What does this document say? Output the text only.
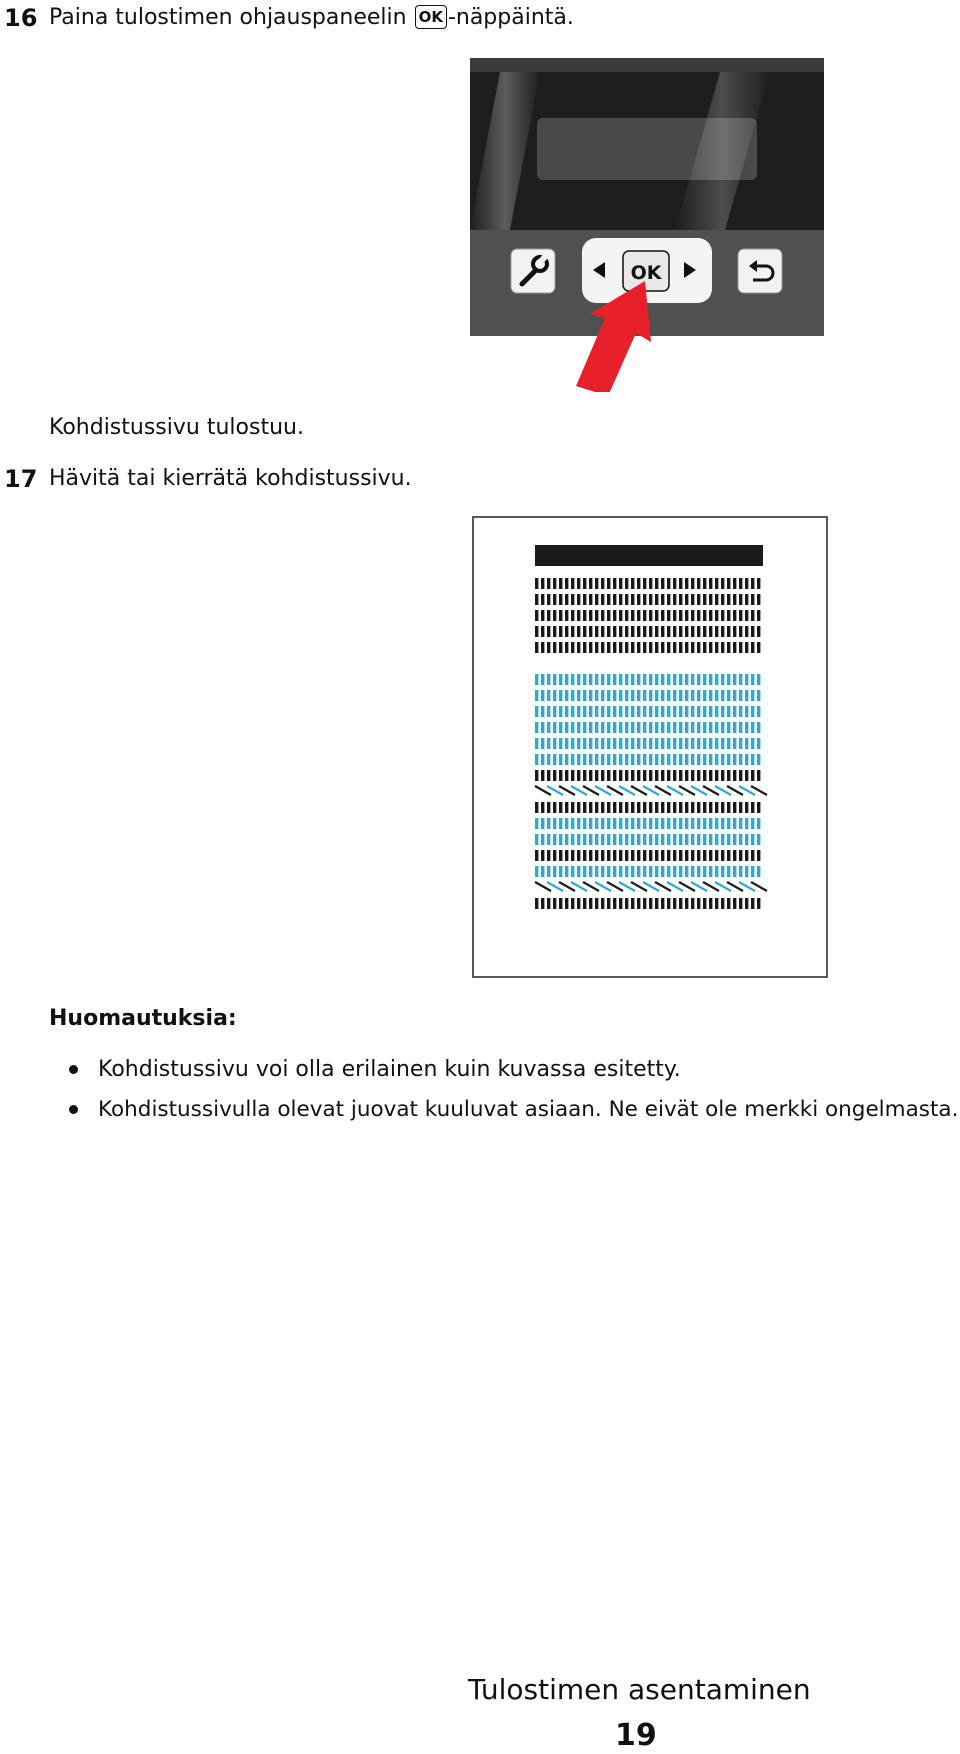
16 Paina tulostimen ohjauspaneelin OK -näppäintä.
OK
Kohdistussivu tulostuu.
17 Hävitä tai kierrätä kohdistussivu.
Huomautuksia:
Kohdistussivu voi olla erilainen kuin kuvassa esitetty.
Kohdistussivulla olevat juovat kuuluvat asiaan. Ne eivät ole merkki ongelmasta.
Tulostimen asentaminen
19
